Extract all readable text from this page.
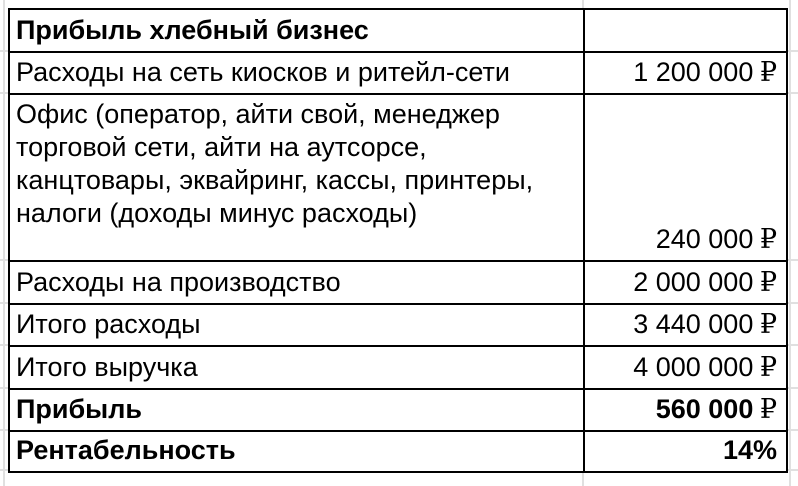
Прибыль хлебный бизнес	
Расходы на сеть киосков и ритейл-сети	1 200 000 ₽
Офис (оператор, айти свой, менеджер торговой сети, айти на аутсорсе, канцтовары, эквайринг, кассы, принтеры, налоги (доходы минус расходы)	240 000 ₽
Расходы на производство	2 000 000 ₽
Итого расходы	3 440 000 ₽
Итого выручка	4 000 000 ₽
Прибыль	560 000 ₽
Рентабельность	14%
